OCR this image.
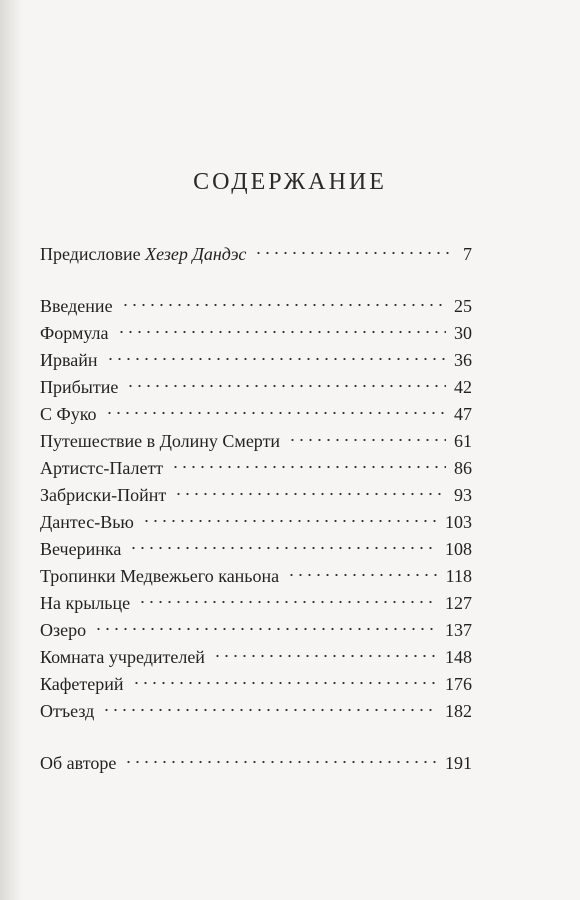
СОДЕРЖАНИЕ
Предисловие Хезер Дандэс	7
Введение	25
Формула	30
Ирвайн	36
Прибытие	42
С Фуко	47
Путешествие в Долину Смерти	61
Артистс-Палетт	86
Забриски-Пойнт	93
Дантес-Вью	103
Вечеринка	108
Тропинки Медвежьего каньона	118
На крыльце	127
Озеро	137
Комната учредителей	148
Кафетерий	176
Отъезд	182
Об авторе	191
